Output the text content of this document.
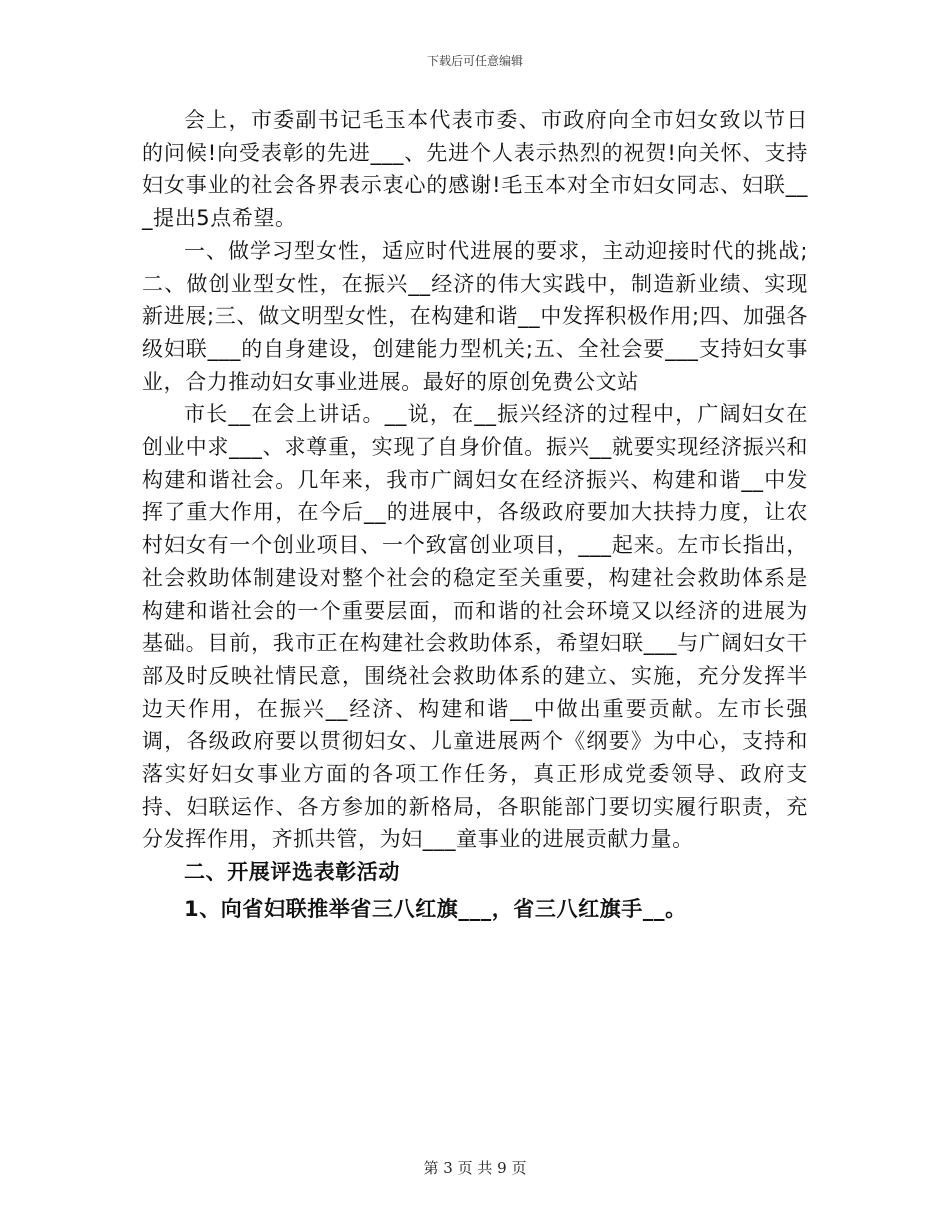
下载后可任意编辑

会上，市委副书记毛玉本代表市委、市政府向全市妇女致以节日的问候!向受表彰的先进___、先进个人表示热烈的祝贺!向关怀、支持妇女事业的社会各界表示衷心的感谢!毛玉本对全市妇女同志、妇联___提出5点希望。

一、做学习型女性，适应时代进展的要求，主动迎接时代的挑战;二、做创业型女性，在振兴__经济的伟大实践中，制造新业绩、实现新进展;三、做文明型女性，在构建和谐__中发挥积极作用;四、加强各级妇联___的自身建设，创建能力型机关;五、全社会要___支持妇女事业，合力推动妇女事业进展。最好的原创免费公文站

市长__在会上讲话。__说，在__振兴经济的过程中，广阔妇女在创业中求___、求尊重，实现了自身价值。振兴__就要实现经济振兴和构建和谐社会。几年来，我市广阔妇女在经济振兴、构建和谐__中发挥了重大作用，在今后__的进展中，各级政府要加大扶持力度，让农村妇女有一个创业项目、一个致富创业项目，___起来。左市长指出，社会救助体制建设对整个社会的稳定至关重要，构建社会救助体系是构建和谐社会的一个重要层面，而和谐的社会环境又以经济的进展为基础。目前，我市正在构建社会救助体系，希望妇联___与广阔妇女干部及时反映社情民意，围绕社会救助体系的建立、实施，充分发挥半边天作用，在振兴__经济、构建和谐__中做出重要贡献。左市长强调，各级政府要以贯彻妇女、儿童进展两个《纲要》为中心，支持和落实好妇女事业方面的各项工作任务，真正形成党委领导、政府支持、妇联运作、各方参加的新格局，各职能部门要切实履行职责，充分发挥作用，齐抓共管，为妇___童事业的进展贡献力量。

二、开展评选表彰活动

1、向省妇联推举省三八红旗___，省三八红旗手__。

第 3 页 共 9 页
